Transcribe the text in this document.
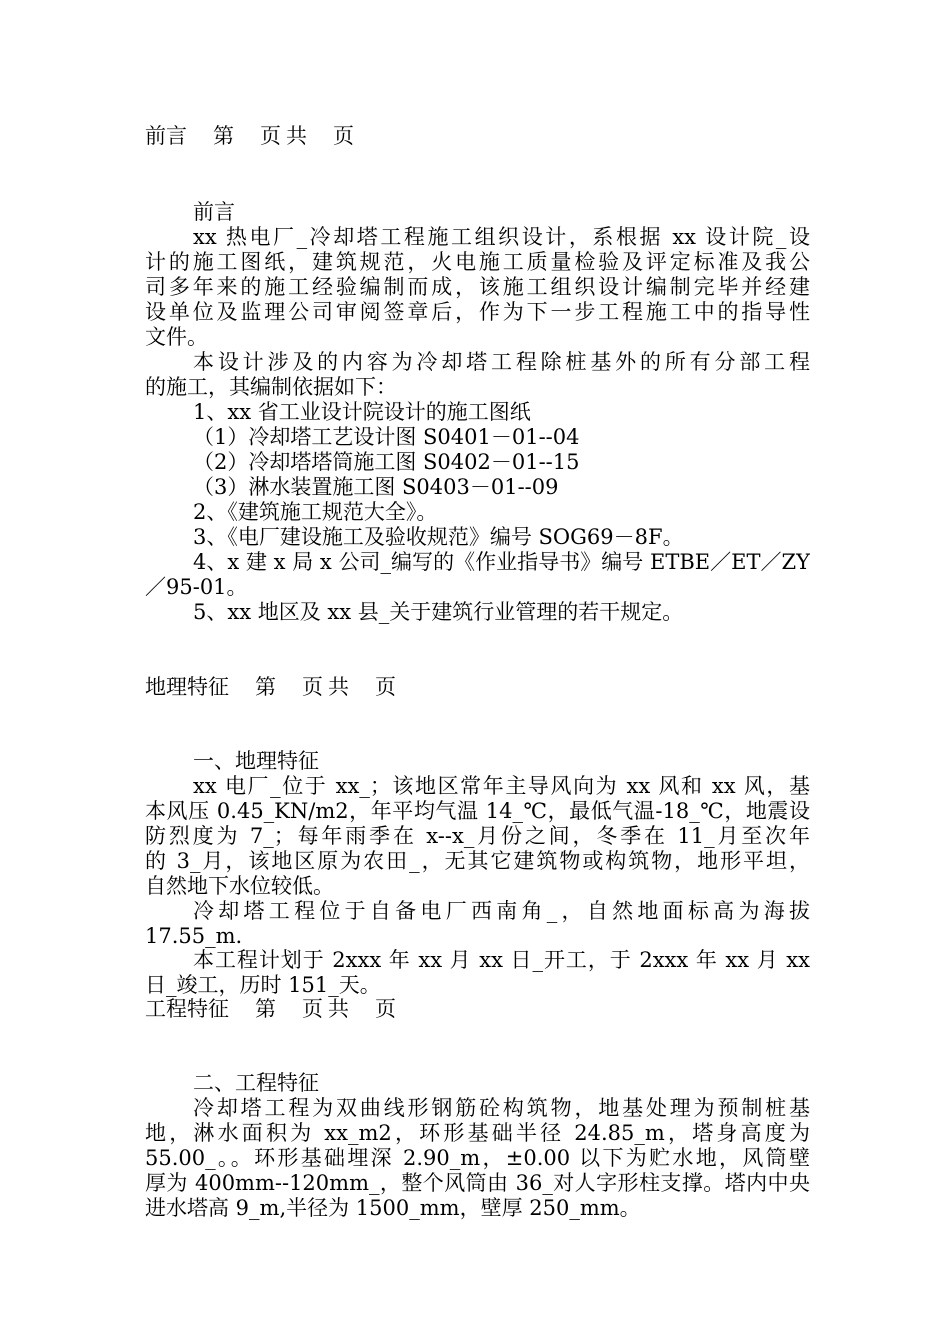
前言 第 页 共 页
前言
xx 热电厂_冷却塔工程施工组织设计，系根据 xx 设计院_设
计的施工图纸，建筑规范，火电施工质量检验及评定标准及我公
司多年来的施工经验编制而成，该施工组织设计编制完毕并经建
设单位及监理公司审阅签章后，作为下一步工程施工中的指导性
文件。
本设计涉及的内容为冷却塔工程除桩基外的所有分部工程
的施工，其编制依据如下：
1、xx 省工业设计院设计的施工图纸
（1）冷却塔工艺设计图 S0401－01--04
（2）冷却塔塔筒施工图 S0402－01--15
（3）淋水装置施工图 S0403－01--09
2、《建筑施工规范大全》。
3、《电厂建设施工及验收规范》编号 SOG69－8F。
4、x 建 x 局 x 公司_编写的《作业指导书》编号 ETBE／ET／ZY
／95-01。
5、xx 地区及 xx 县_关于建筑行业管理的若干规定。
地理特征 第 页 共 页
一、地理特征
xx 电厂_位于 xx_；该地区常年主导风向为 xx 风和 xx 风，基
本风压 0.45_KN/m2，年平均气温 14_℃，最低气温-18_℃，地震设
防烈度为 7_；每年雨季在 x--x_月份之间，冬季在 11_月至次年
的 3_月，该地区原为农田_，无其它建筑物或构筑物，地形平坦，
自然地下水位较低。
冷却塔工程位于自备电厂西南角_，自然地面标高为海拔
17.55_m.
本工程计划于 2xxx 年 xx 月 xx 日_开工，于 2xxx 年 xx 月 xx
日_竣工，历时 151_天。
工程特征 第 页 共 页
二、工程特征
冷却塔工程为双曲线形钢筋砼构筑物，地基处理为预制桩基
地，淋水面积为 xx_m2，环形基础半径 24.85_m，塔身高度为
55.00_。。环形基础埋深 2.90_m，±0.00 以下为贮水地，风筒壁
厚为 400mm--120mm_，整个风筒由 36_对人字形柱支撑。塔内中央
进水塔高 9_m,半径为 1500_mm，壁厚 250_mm。
